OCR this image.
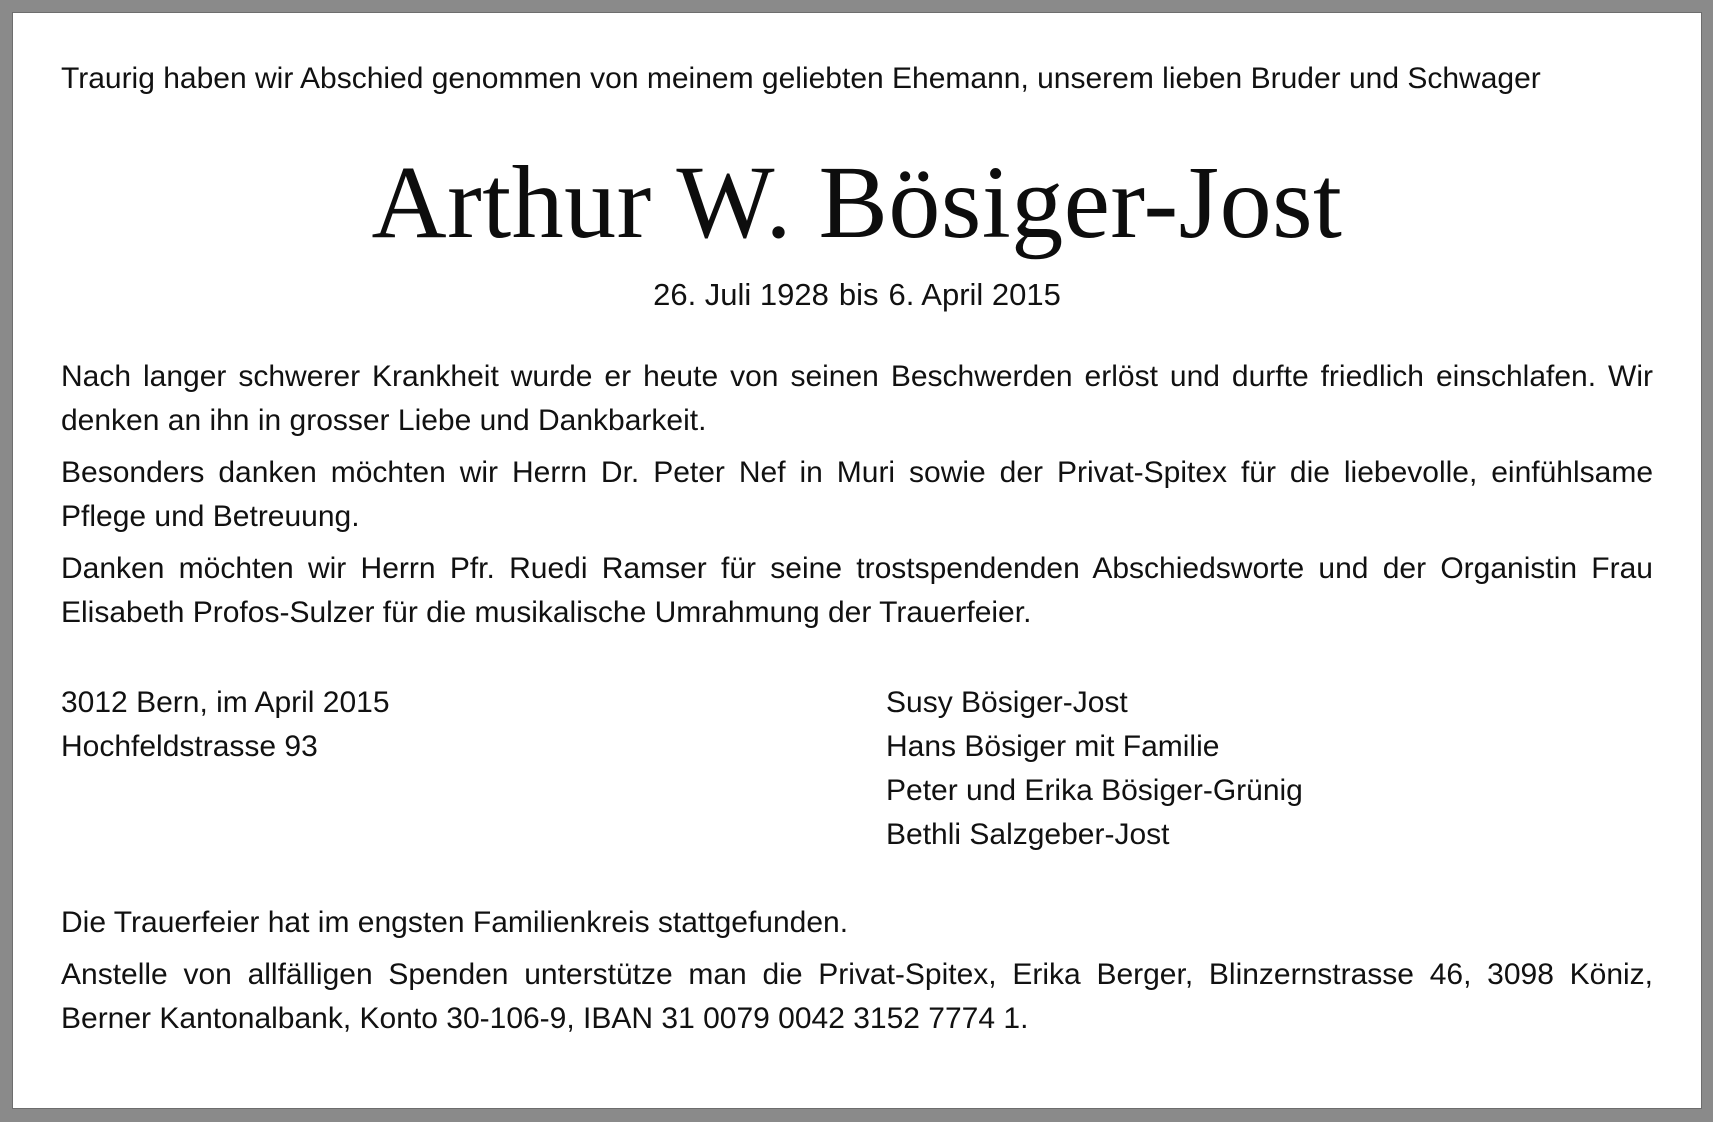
Traurig haben wir Abschied genommen von meinem geliebten Ehemann, unserem lieben Bruder und Schwager

Arthur W. Bösiger-Jost

26. Juli 1928 bis 6. April 2015

Nach langer schwerer Krankheit wurde er heute von seinen Beschwerden erlöst und durfte friedlich einschlafen. Wir denken an ihn in grosser Liebe und Dankbarkeit.

Besonders danken möchten wir Herrn Dr. Peter Nef in Muri sowie der Privat-Spitex für die liebevolle, einfühlsame Pflege und Betreuung.

Danken möchten wir Herrn Pfr. Ruedi Ramser für seine trostspendenden Abschiedsworte und der Organistin Frau Elisabeth Profos-Sulzer für die musikalische Umrahmung der Trauerfeier.

3012 Bern, im April 2015
Hochfeldstrasse 93
Susy Bösiger-Jost
Hans Bösiger mit Familie
Peter und Erika Bösiger-Grünig
Bethli Salzgeber-Jost

Die Trauerfeier hat im engsten Familienkreis stattgefunden.

Anstelle von allfälligen Spenden unterstütze man die Privat-Spitex, Erika Berger, Blinzernstrasse 46, 3098 Köniz, Berner Kantonalbank, Konto 30-106-9, IBAN 31 0079 0042 3152 7774 1.
